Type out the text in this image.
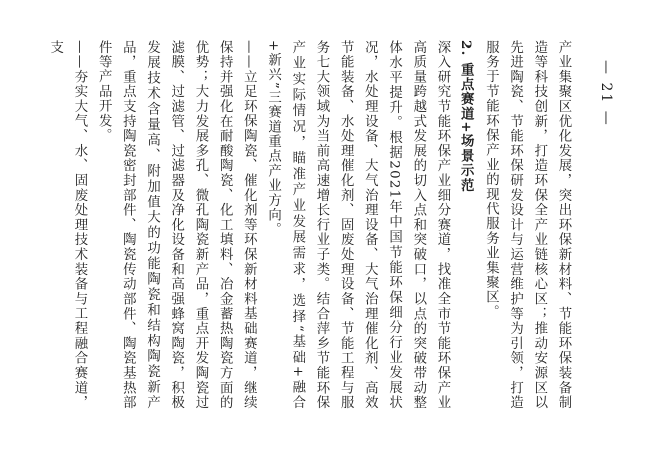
产业集聚区优化发展，突出环保新材料、节能环保装备制造等科技创新，打造环保全产业链核心区；推动安源区以先进陶瓷、节能环保研发设计与运营维护等为引领，打造服务于节能环保产业的现代服务业集聚区。

2. 重点赛道+场景示范

深入研究节能环保产业细分赛道，找准全市节能环保产业高质量跨越式发展的切入点和突破口，以点的突破带动整体水平提升。根据2021年中国节能环保细分行业发展状况，水处理设备、大气治理设备、大气治理催化剂、高效节能装备、水处理催化剂、固废处理设备、节能工程与服务七大领域为当前高速增长行业子类。结合萍乡节能环保产业实际情况，瞄准产业发展需求，选择“基础+融合+新兴”三赛道重点产业方向。

——立足环保陶瓷、催化剂等环保新材料基础赛道，继续保持并强化在耐酸陶瓷、化工填料、冶金蓄热陶瓷方面的优势；大力发展多孔、微孔陶瓷新产品，重点开发陶瓷过滤膜、过滤管、过滤器及净化设备和高强蜂窝陶瓷，积极发展技术含量高、附加值大的功能陶瓷和结构陶瓷新产品，重点支持陶瓷密封部件、陶瓷传动部件、陶瓷基热部件等产品开发。

——夯实大气、水、固废处理技术装备与工程融合赛道，支

— 21 —
